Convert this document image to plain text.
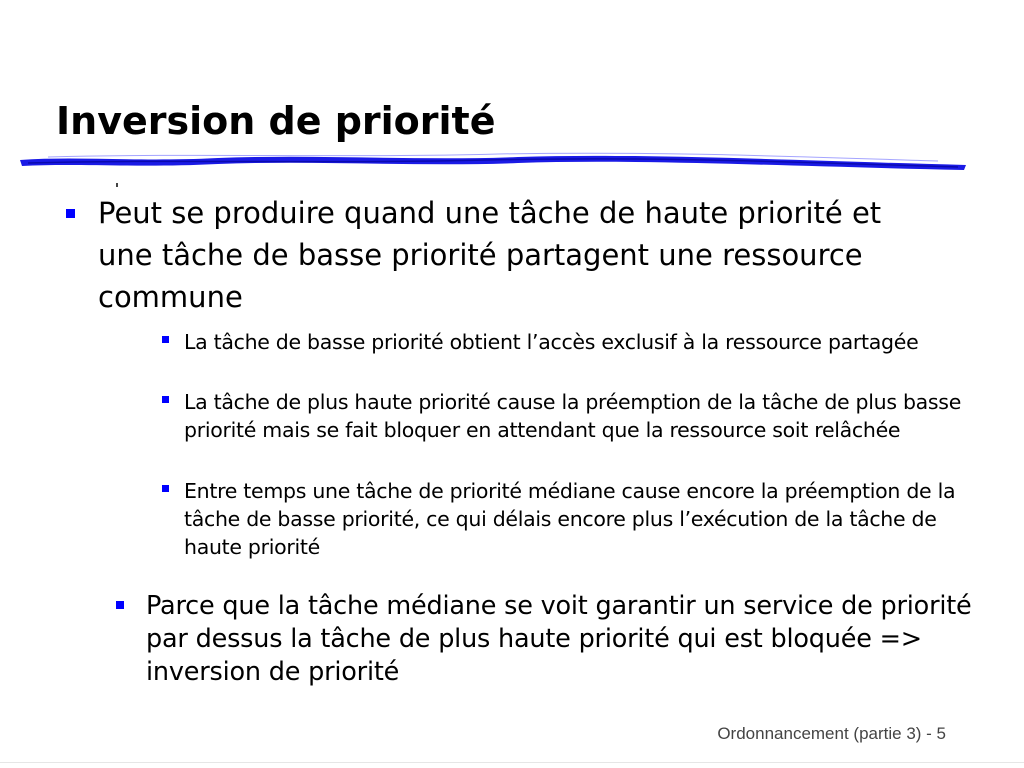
Inversion de priorité

Peut se produire quand une tâche de haute priorité et une tâche de basse priorité partagent une ressource commune

La tâche de basse priorité obtient l’accès exclusif à la ressource partagée

La tâche de plus haute priorité cause la préemption de la tâche de plus basse priorité mais se fait bloquer en attendant que la ressource soit relâchée

Entre temps une tâche de priorité médiane cause encore la préemption de la tâche de basse priorité, ce qui délais encore plus l’exécution de la tâche de haute priorité

Parce que la tâche médiane se voit garantir un service de priorité par dessus la tâche de plus haute priorité qui est bloquée => inversion de priorité

Ordonnancement (partie 3) - 5
